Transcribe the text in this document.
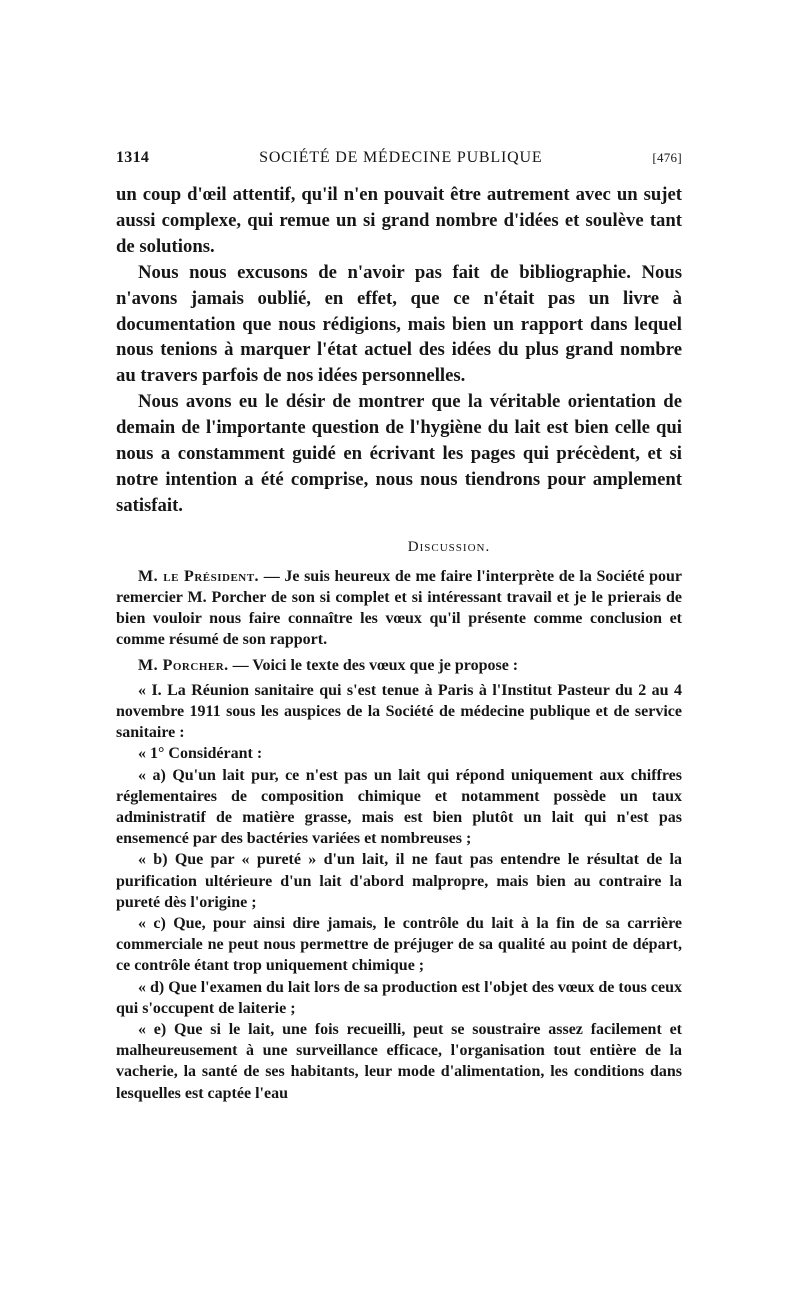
1314	SOCIÉTÉ DE MÉDECINE PUBLIQUE	[476]

un coup d'œil attentif, qu'il n'en pouvait être autrement avec un sujet aussi complexe, qui remue un si grand nombre d'idées et soulève tant de solutions.

Nous nous excusons de n'avoir pas fait de bibliographie. Nous n'avons jamais oublié, en effet, que ce n'était pas un livre à documentation que nous rédigions, mais bien un rapport dans lequel nous tenions à marquer l'état actuel des idées du plus grand nombre au travers parfois de nos idées personnelles.

Nous avons eu le désir de montrer que la véritable orientation de demain de l'importante question de l'hygiène du lait est bien celle qui nous a constamment guidé en écrivant les pages qui précèdent, et si notre intention a été comprise, nous nous tiendrons pour amplement satisfait.

Discussion.

M. le Président. — Je suis heureux de me faire l'interprète de la Société pour remercier M. Porcher de son si complet et si intéressant travail et je le prierais de bien vouloir nous faire connaître les vœux qu'il présente comme conclusion et comme résumé de son rapport.

M. Porcher. — Voici le texte des vœux que je propose :

« I. La Réunion sanitaire qui s'est tenue à Paris à l'Institut Pasteur du 2 au 4 novembre 1911 sous les auspices de la Société de médecine publique et de service sanitaire :

« 1° Considérant :

« a) Qu'un lait pur, ce n'est pas un lait qui répond uniquement aux chiffres réglementaires de composition chimique et notamment possède un taux administratif de matière grasse, mais est bien plutôt un lait qui n'est pas ensemencé par des bactéries variées et nombreuses ;

« b) Que par « pureté » d'un lait, il ne faut pas entendre le résultat de la purification ultérieure d'un lait d'abord malpropre, mais bien au contraire la pureté dès l'origine ;

« c) Que, pour ainsi dire jamais, le contrôle du lait à la fin de sa carrière commerciale ne peut nous permettre de préjuger de sa qualité au point de départ, ce contrôle étant trop uniquement chimique ;

« d) Que l'examen du lait lors de sa production est l'objet des vœux de tous ceux qui s'occupent de laiterie ;

« e) Que si le lait, une fois recueilli, peut se soustraire assez facilement et malheureusement à une surveillance efficace, l'organisation tout entière de la vacherie, la santé de ses habitants, leur mode d'alimentation, les conditions dans lesquelles est captée l'eau
